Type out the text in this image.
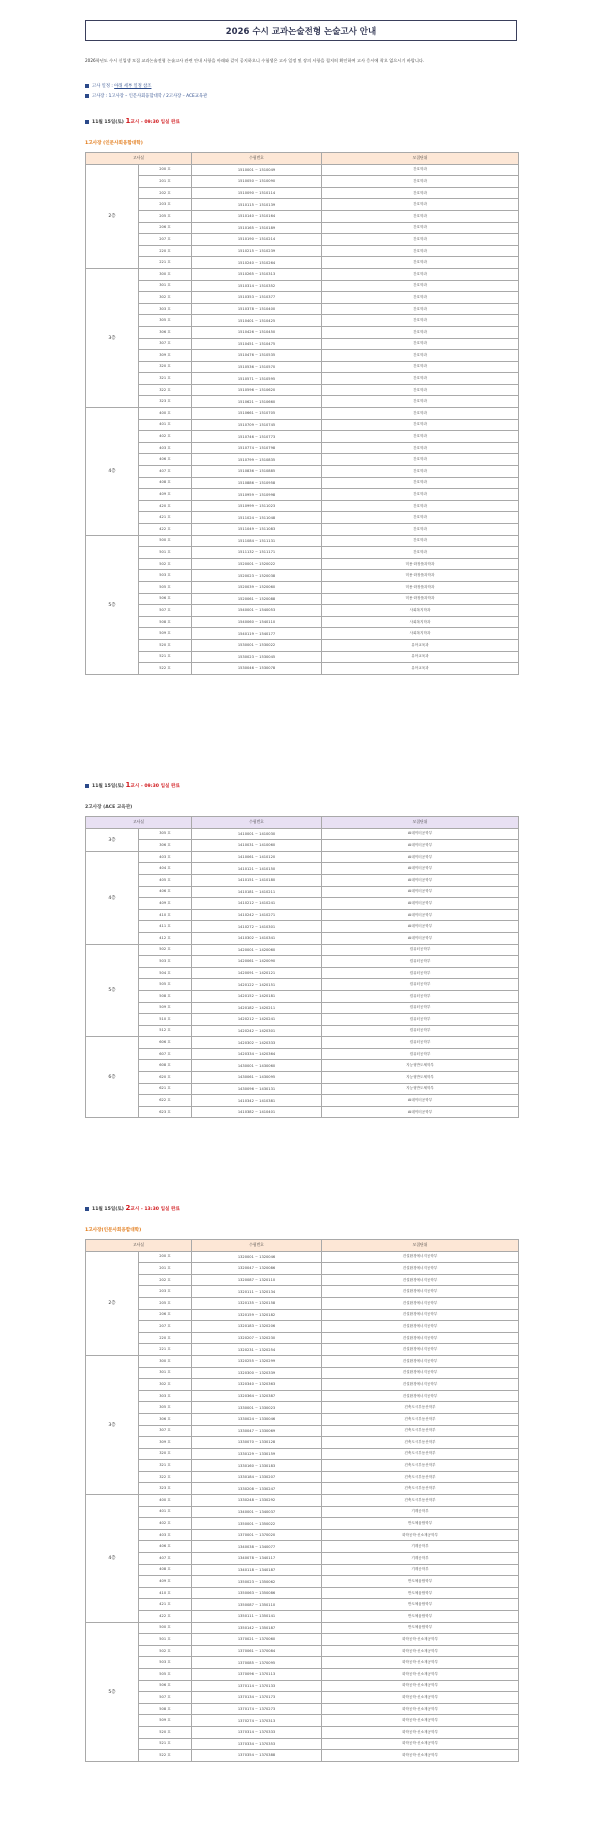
2026 수시 교과논술전형 논술고사 안내
2026학년도 수시 신입생 모집 교과논술전형 논술고사 관련 안내 사항을 아래와 같이 공지하오니 수험생은 고사 일정 및 장의 사항을 철저히 확인하여 고사 응시에 착오 없으시기 바랍니다.
고사 일정 : 아래 세부 일정 참조
고사장 : 1고사장 – 인문사회융합대학 / 2고사장 – ACE교육관
11월 15일(토) 1교시 - 09:30 입실 완료
1고사장 (인문사회융합대학)
고사실		수험번호	모집단위
2층	200 호	1510001 ~ 1510049	간호학과
	201 호	1510050 ~ 1510090	간호학과
	202 호	1510090 ~ 1510114	간호학과
	203 호	1510115 ~ 1510139	간호학과
	205 호	1510140 ~ 1510164	간호학과
	206 호	1510165 ~ 1510189	간호학과
	207 호	1510190 ~ 1510214	간호학과
	220 호	1510215 ~ 1510239	간호학과
	221 호	1510240 ~ 1510264	간호학과
3층	300 호	1510265 ~ 1510313	간호학과
	301 호	1510314 ~ 1510352	간호학과
	302 호	1510353 ~ 1510377	간호학과
	303 호	1510378 ~ 1510400	간호학과
	305 호	1510401 ~ 1510425	간호학과
	306 호	1510426 ~ 1510450	간호학과
	307 호	1510451 ~ 1510475	간호학과
	309 호	1510476 ~ 1510535	간호학과
	320 호	1510536 ~ 1510570	간호학과
	321 호	1510571 ~ 1510595	간호학과
	322 호	1510596 ~ 1510620	간호학과
	323 호	1510621 ~ 1510660	간호학과
4층	400 호	1510661 ~ 1510705	간호학과
	401 호	1510709 ~ 1510745	간호학과
	402 호	1510746 ~ 1510773	간호학과
	403 호	1510774 ~ 1510798	간호학과
	406 호	1510799 ~ 1510835	간호학과
	407 호	1510836 ~ 1510885	간호학과
	408 호	1510886 ~ 1510958	간호학과
	409 호	1510959 ~ 1510998	간호학과
	420 호	1510999 ~ 1511023	간호학과
	421 호	1511024 ~ 1511048	간호학과
	422 호	1511049 ~ 1511083	간호학과
5층	500 호	1511084 ~ 1511131	간호학과
	501 호	1511132 ~ 1511171	간호학과
	502 호	1520001 ~ 1520022	미용·화장품과학과
	503 호	1520023 ~ 1520038	미용·화장품과학과
	505 호	1520039 ~ 1520060	미용·화장품과학과
	506 호	1520061 ~ 1520088	미용·화장품과학과
	507 호	1540001 ~ 1540053	사회복지학과
	508 호	1540060 ~ 1540110	사회복지학과
	509 호	1540119 ~ 1540177	사회복지학과
	520 호	1530001 ~ 1530022	유아교육과
	521 호	1530023 ~ 1530045	유아교육과
	522 호	1530046 ~ 1530078	유아교육과
11월 15일(토) 1교시 - 09:30 입실 완료
2고사장 (ACE 교육관)
고사실		수험번호	모집단위
3층	305 호	1410001 ~ 1410030	AI데이터공학부
	306 호	1410031 ~ 1410060	AI데이터공학부
4층	403 호	1410061 ~ 1410120	AI데이터공학부
	404 호	1410121 ~ 1410150	AI데이터공학부
	405 호	1410151 ~ 1410180	AI데이터공학부
	406 호	1410181 ~ 1410211	AI데이터공학부
	409 호	1410212 ~ 1410241	AI데이터공학부
	410 호	1410242 ~ 1410271	AI데이터공학부
	411 호	1410272 ~ 1410301	AI데이터공학부
	412 호	1410302 ~ 1410341	AI데이터공학부
5층	502 호	1420001 ~ 1420060	컴퓨터공학부
	503 호	1420061 ~ 1420090	컴퓨터공학부
	504 호	1420091 ~ 1420121	컴퓨터공학부
	505 호	1420122 ~ 1420151	컴퓨터공학부
	508 호	1420152 ~ 1420181	컴퓨터공학부
	509 호	1420182 ~ 1420211	컴퓨터공학부
	510 호	1420212 ~ 1420241	컴퓨터공학부
	512 호	1420242 ~ 1420301	컴퓨터공학부
6층	606 호	1420302 ~ 1420333	컴퓨터공학부
	607 호	1420334 ~ 1420364	컴퓨터공학부
	608 호	1430001 ~ 1430060	지능형반도체학부
	620 호	1430061 ~ 1430095	지능형반도체학부
	621 호	1430096 ~ 1430131	지능형반도체학부
	622 호	1410342 ~ 1410381	AI데이터공학부
	623 호	1410382 ~ 1410401	AI데이터공학부
11월 15일(토) 2교시 - 13:30 입실 완료
1고사장(인문사회융합대학)
고사실		수험번호	모집단위
2층	200 호	1320001 ~ 1320046	건설환경에너지공학부
	201 호	1320047 ~ 1320086	건설환경에너지공학부
	202 호	1320087 ~ 1320110	건설환경에너지공학부
	203 호	1320111 ~ 1320134	건설환경에너지공학부
	205 호	1320135 ~ 1320158	건설환경에너지공학부
	206 호	1320159 ~ 1320182	건설환경에너지공학부
	207 호	1320183 ~ 1320206	건설환경에너지공학부
	220 호	1320207 ~ 1320230	건설환경에너지공학부
	221 호	1320231 ~ 1320254	건설환경에너지공학부
3층	300 호	1320255 ~ 1320299	건설환경에너지공학부
	301 호	1320300 ~ 1320339	건설환경에너지공학부
	302 호	1320340 ~ 1320363	건설환경에너지공학부
	303 호	1320364 ~ 1320387	건설환경에너지공학부
	305 호	1330001 ~ 1330023	건축도시부동산학부
	306 호	1330024 ~ 1330046	건축도시부동산학부
	307 호	1330047 ~ 1330069	건축도시부동산학부
	309 호	1330070 ~ 1330128	건축도시부동산학부
	320 호	1330129 ~ 1330159	건축도시부동산학부
	321 호	1330160 ~ 1330183	건축도시부동산학부
	322 호	1330184 ~ 1330207	건축도시부동산학부
	323 호	1330208 ~ 1330247	건축도시부동산학부
4층	400 호	1330248 ~ 1330292	건축도시부동산학부
	401 호	1340001 ~ 1340037	기계공학부
	402 호	1350001 ~ 1350022	반도체융합학부
	403 호	1370001 ~ 1370020	화학공학·신소재공학부
	406 호	1340038 ~ 1340077	기계공학부
	407 호	1340078 ~ 1340117	기계공학부
	408 호	1340118 ~ 1340187	기계공학부
	409 호	1350023 ~ 1350062	반도체융합학부
	410 호	1350063 ~ 1350086	반도체융합학부
	421 호	1350087 ~ 1350110	반도체융합학부
	422 호	1350111 ~ 1350141	반도체융합학부
5층	500 호	1350142 ~ 1350187	반도체융합학부
	501 호	1370021 ~ 1370060	화학공학·신소재공학부
	502 호	1370061 ~ 1370084	화학공학·신소재공학부
	503 호	1370085 ~ 1370095	화학공학·신소재공학부
	505 호	1370096 ~ 1370113	화학공학·신소재공학부
	506 호	1370114 ~ 1370133	화학공학·신소재공학부
	507 호	1370134 ~ 1370173	화학공학·신소재공학부
	508 호	1370174 ~ 1370273	화학공학·신소재공학부
	509 호	1370274 ~ 1370313	화학공학·신소재공학부
	520 호	1370314 ~ 1370333	화학공학·신소재공학부
	521 호	1370334 ~ 1370353	화학공학·신소재공학부
	522 호	1370354 ~ 1370388	화학공학·신소재공학부
